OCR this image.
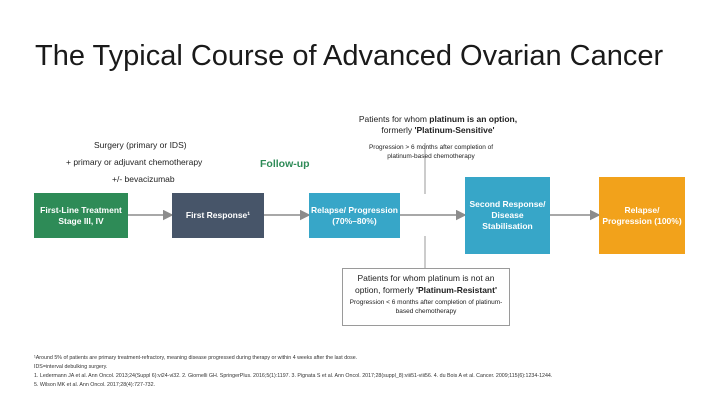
The Typical Course of Advanced Ovarian Cancer
Surgery (primary or IDS)
+ primary or adjuvant chemotherapy
+/- bevacizumab
Follow-up
First-Line Treatment Stage III, IV
First Response¹
Relapse/ Progression (70%–80%)
Second Response/ Disease Stabilisation
Relapse/ Progression (100%)
Patients for whom platinum is an option,
formerly 'Platinum-Sensitive'
Progression > 6 months after completion of platinum-based chemotherapy
Patients for whom platinum is not an option, formerly 'Platinum-Resistant'
Progression < 6 months after completion of platinum-based chemotherapy
¹Around 5% of patients are primary treatment-refractory, meaning disease progressed during therapy or within 4 weeks after the last dose.
IDS=interval debulking surgery.
1. Ledermann JA et al. Ann Oncol. 2013;24(Suppl 6):vi24-vi32. 2. Giornelli GH. SpringerPlus. 2016;5(1):1197. 3. Pignata S et al. Ann Oncol. 2017;28(suppl_8):viii51-viii56. 4. du Bois A et al. Cancer. 2009;115(6):1234-1244.
5. Wilson MK et al. Ann Oncol. 2017;28(4):727-732.
